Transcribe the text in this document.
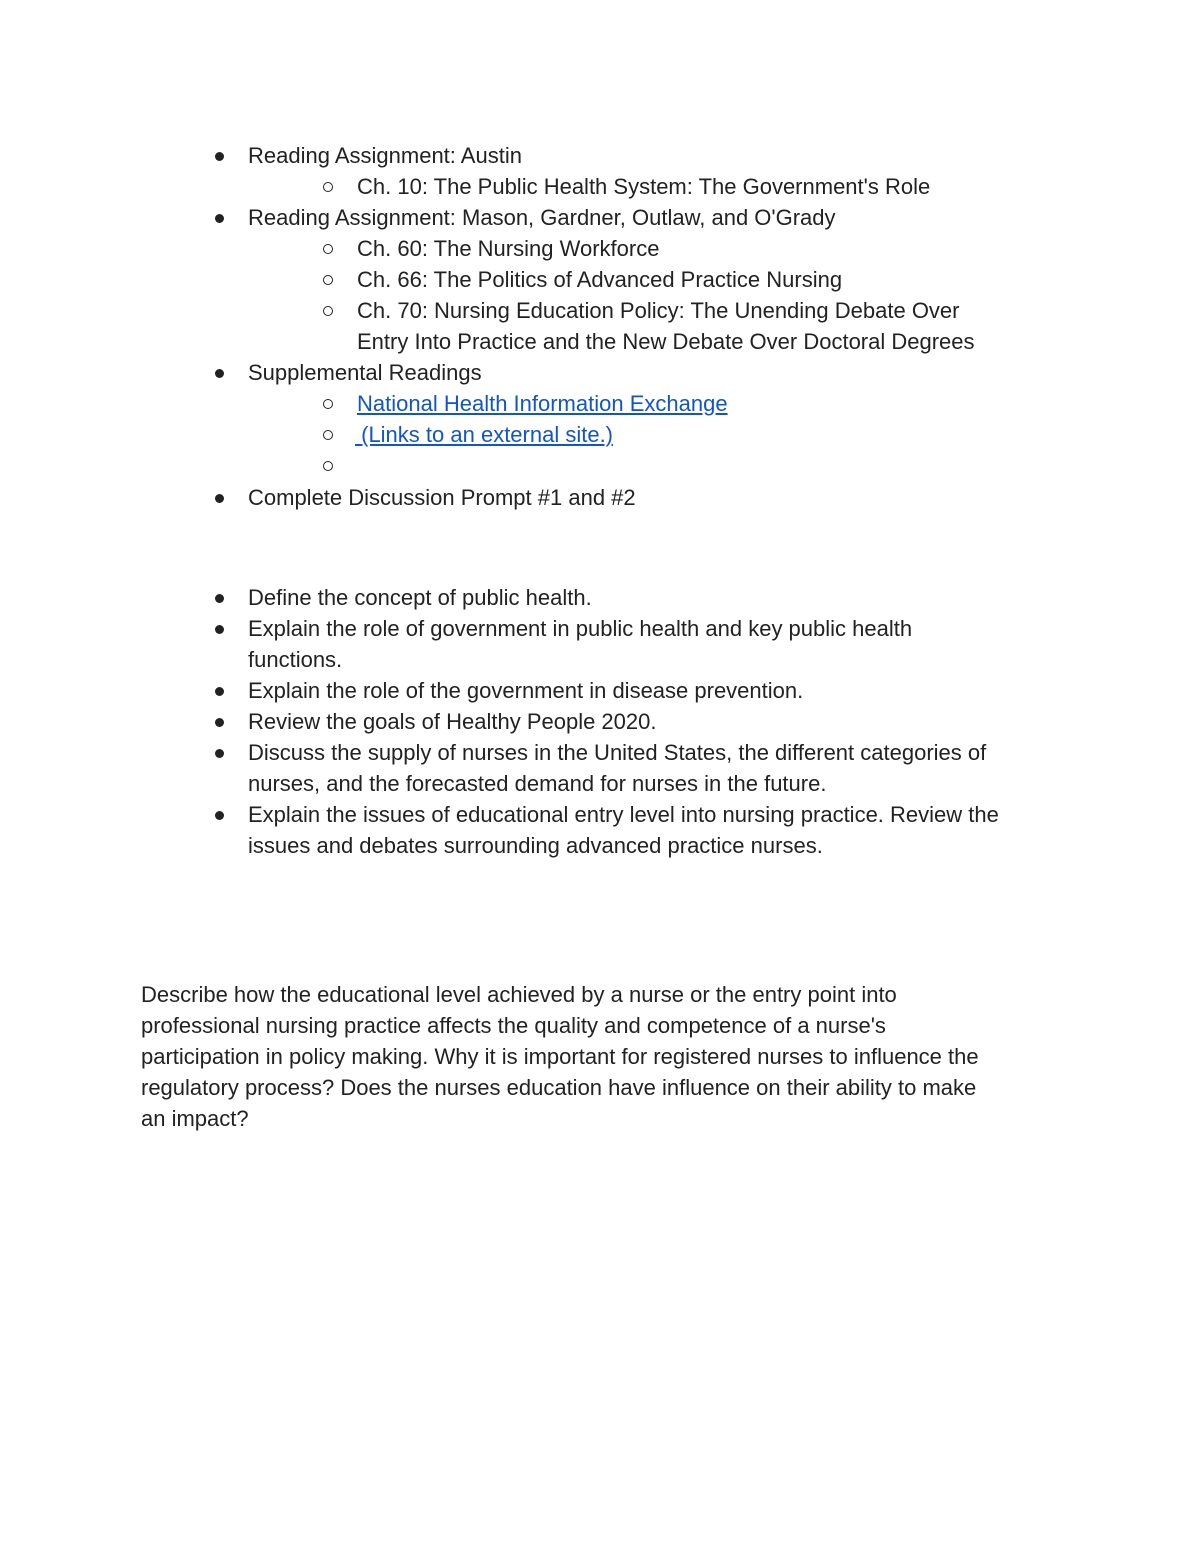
Reading Assignment: Austin
Ch. 10: The Public Health System: The Government's Role
Reading Assignment: Mason, Gardner, Outlaw, and O'Grady
Ch. 60: The Nursing Workforce
Ch. 66: The Politics of Advanced Practice Nursing
Ch. 70: Nursing Education Policy: The Unending Debate Over
Entry Into Practice and the New Debate Over Doctoral Degrees
Supplemental Readings
National Health Information Exchange
(Links to an external site.)
Complete Discussion Prompt #1 and #2
Define the concept of public health.
Explain the role of government in public health and key public health
functions.
Explain the role of the government in disease prevention.
Review the goals of Healthy People 2020.
Discuss the supply of nurses in the United States, the different categories of
nurses, and the forecasted demand for nurses in the future.
Explain the issues of educational entry level into nursing practice. Review the
issues and debates surrounding advanced practice nurses.
Describe how the educational level achieved by a nurse or the entry point into
professional nursing practice affects the quality and competence of a nurse's
participation in policy making. Why it is important for registered nurses to influence the
regulatory process? Does the nurses education have influence on their ability to make
an impact?
